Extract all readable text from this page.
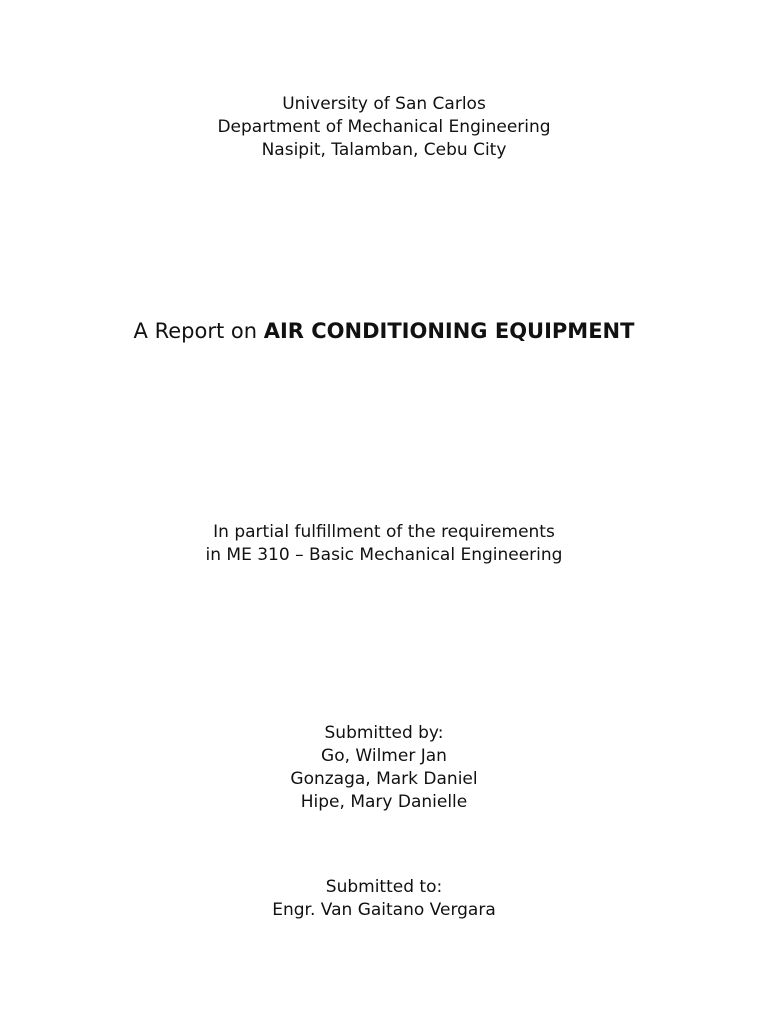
University of San Carlos
Department of Mechanical Engineering
Nasipit, Talamban, Cebu City
A Report on AIR CONDITIONING EQUIPMENT
In partial fulfillment of the requirements
in ME 310 – Basic Mechanical Engineering
Submitted by:
Go, Wilmer Jan
Gonzaga, Mark Daniel
Hipe, Mary Danielle
Submitted to:
Engr. Van Gaitano Vergara
